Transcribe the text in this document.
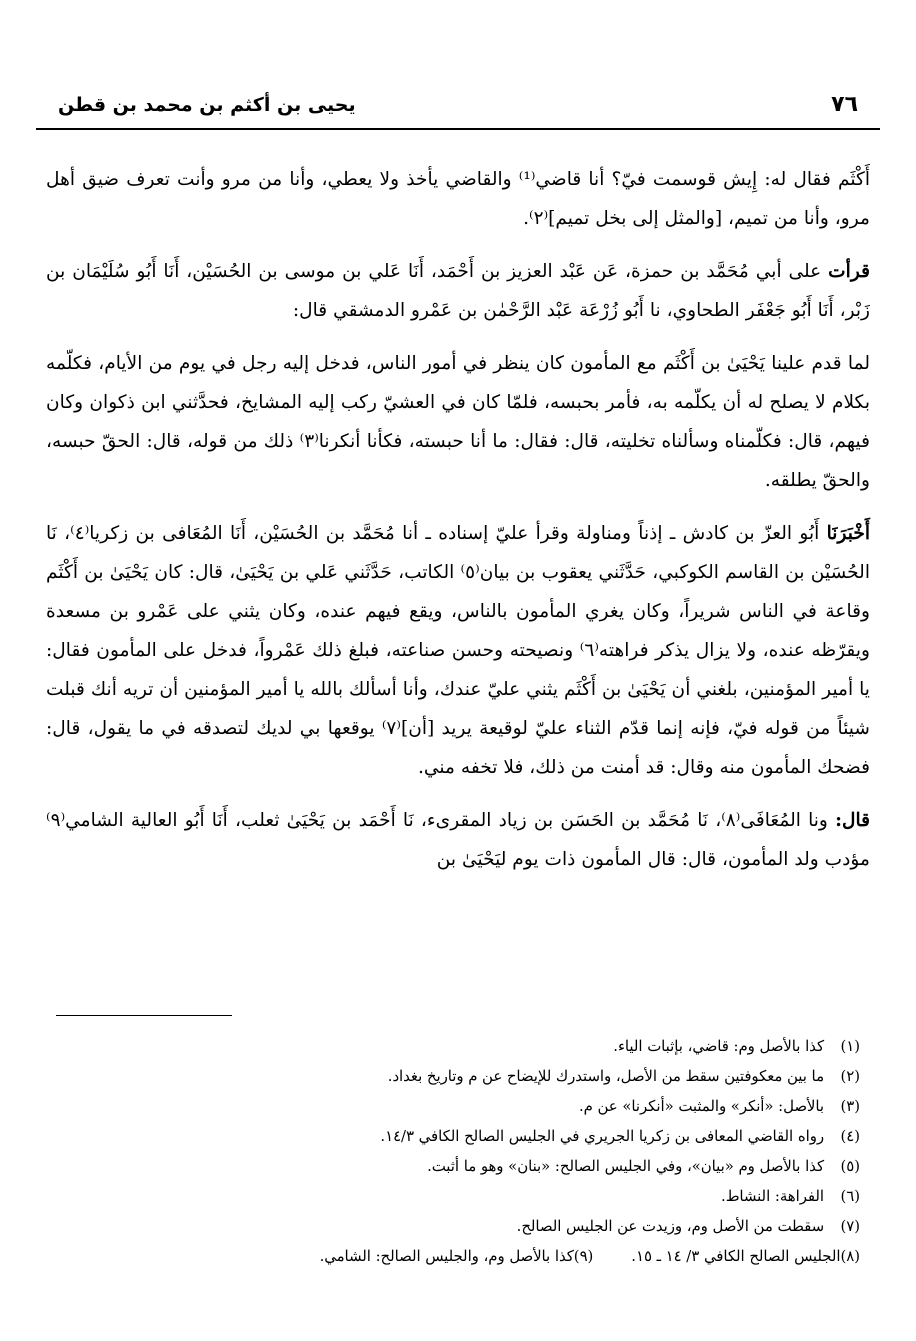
٧٦
يحيى بن أكثم بن محمد بن قطن

أَكْثَم فقال له: إِيش قوسمت فيّ؟ أنا قاضي⁽¹⁾ والقاضي يأخذ ولا يعطي، وأنا من مرو وأنت تعرف ضيق أهل مرو، وأنا من تميم، [والمثل إلى بخل تميم]⁽٢⁾.

قرأت على أبي مُحَمَّد بن حمزة، عَن عَبْد العزيز بن أَحْمَد، أَنَا عَلي بن موسى بن الحُسَيْن، أَنَا أَبُو سُلَيْمَان بن زَبْر، أَنَا أَبُو جَعْفَر الطحاوي، نا أَبُو زُرْعَة عَبْد الرَّحْمٰن بن عَمْرو الدمشقي قال:

لما قدم علينا يَحْيَىٰ بن أَكْثَم مع المأمون كان ينظر في أمور الناس، فدخل إليه رجل في يوم من الأيام، فكلّمه بكلام لا يصلح له أن يكلّمه به، فأمر بحبسه، فلمّا كان في العشيّ ركب إليه المشايخ، فحدَّثني ابن ذكوان وكان فيهم، قال: فكلّمناه وسألناه تخليته، قال: فقال: ما أنا حبسته، فكأنا أنكرنا⁽٣⁾ ذلك من قوله، قال: الحقّ حبسه، والحقّ يطلقه.

أَخْبَرَنَا أَبُو العزّ بن كادش ـ إذناً ومناولة وقرأ عليّ إسناده ـ أنا مُحَمَّد بن الحُسَيْن، أَنَا المُعَافى بن زكريا⁽٤⁾، نَا الحُسَيْن بن القاسم الكوكبي، حَدَّثَني يعقوب بن بيان⁽٥⁾ الكاتب، حَدَّثَني عَلي بن يَحْيَىٰ، قال: كان يَحْيَىٰ بن أَكْثَم وقاعة في الناس شريراً، وكان يغري المأمون بالناس، ويقع فيهم عنده، وكان يثني على عَمْرو بن مسعدة ويقرّظه عنده، ولا يزال يذكر فراهته⁽٦⁾ ونصيحته وحسن صناعته، فبلغ ذلك عَمْرواً، فدخل على المأمون فقال: يا أمير المؤمنين، بلغني أن يَحْيَىٰ بن أَكْثَم يثني عليّ عندك، وأنا أسألك بالله يا أمير المؤمنين أن تريه أنك قبلت شيئاً من قوله فيّ، فإنه إنما قدّم الثناء عليّ لوقيعة يريد [أن]⁽٧⁾ يوقعها بي لديك لتصدقه في ما يقول، قال: فضحك المأمون منه وقال: قد أمنت من ذلك، فلا تخفه مني.

قال: ونا المُعَافَى⁽٨⁾، نَا مُحَمَّد بن الحَسَن بن زياد المقرىء، نَا أَحْمَد بن يَحْيَىٰ ثعلب، أَنَا أَبُو العالية الشامي⁽٩⁾ مؤدب ولد المأمون، قال: قال المأمون ذات يوم ليَحْيَىٰ بن

(١)
كذا بالأصل وم: قاضي، بإثبات الياء.
(٢)
ما بين معكوفتين سقط من الأصل، واستدرك للإيضاح عن م وتاريخ بغداد.
(٣)
بالأصل: «أنكر» والمثبت «أنكرنا» عن م.
(٤)
رواه القاضي المعافى بن زكريا الجريري في الجليس الصالح الكافي ١٤/٣.
(٥)
كذا بالأصل وم «بيان»، وفي الجليس الصالح: «بنان» وهو ما أثبت.
(٦)
الفراهة: النشاط.
(٧)
سقطت من الأصل وم، وزيدت عن الجليس الصالح.
(٨)
الجليس الصالح الكافي ٣/ ١٤ ـ ١٥.
(٩)
كذا بالأصل وم، والجليس الصالح: الشامي.
